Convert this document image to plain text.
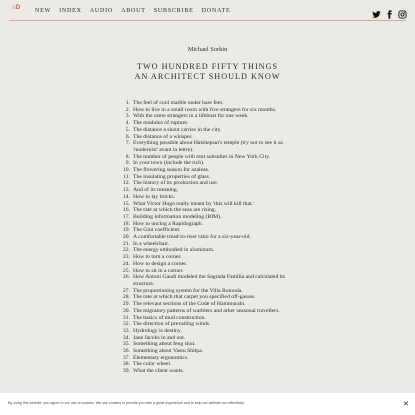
∴D NEW INDEX AUDIO ABOUT SUBSCRIBE DONATE
Michael Sorkin
TWO HUNDRED FIFTY THINGS
AN ARCHITECT SHOULD KNOW
1. The feel of cool marble under bare feet.
2. How to live in a small room with five strangers for six months.
3. With the same strangers in a lifeboat for one week.
4. The modulus of rupture.
5. The distance a shout carries in the city.
6. The distance of a whisper.
7. Everything possible about Hatshepsut's temple (try not to see it as 'modernist' avant la lettre).
8. The number of people with rent subsidies in New York City.
9. In your town (include the rich).
10. The flowering season for azaleas.
11. The insulating properties of glass.
12. The history of its production and use.
13. And of its meaning.
14. How to lay bricks.
15. What Victor Hugo really meant by 'this will kill that.'
16. The rate at which the seas are rising.
17. Building information modeling (BIM).
18. How to unclog a Rapidograph.
19. The Gini coefficient.
20. A comfortable tread-to-riser ratio for a six-year-old.
21. In a wheelchair.
22. The energy embodied in aluminum.
23. How to turn a corner.
24. How to design a corner.
25. How to sit in a corner.
26. How Antoni Gaudí modeled the Sagrada Família and calculated its structure.
27. The proportioning system for the Villa Rotonda.
28. The rate at which that carpet you specified off-gasses.
29. The relevant sections of the Code of Hammurabi.
30. The migratory patterns of warblers and other seasonal travellers.
31. The basics of mud construction.
32. The direction of prevailing winds.
33. Hydrology is destiny.
34. Jane Jacobs in and out.
35. Something about feng shui.
36. Something about Vastu Shilpa.
37. Elementary ergonomics.
38. The color wheel.
39. What the client wants.
By using this website, you agree to our use of cookies. We use cookies to provide you with a great experience and to help our website run effectively.	✕
